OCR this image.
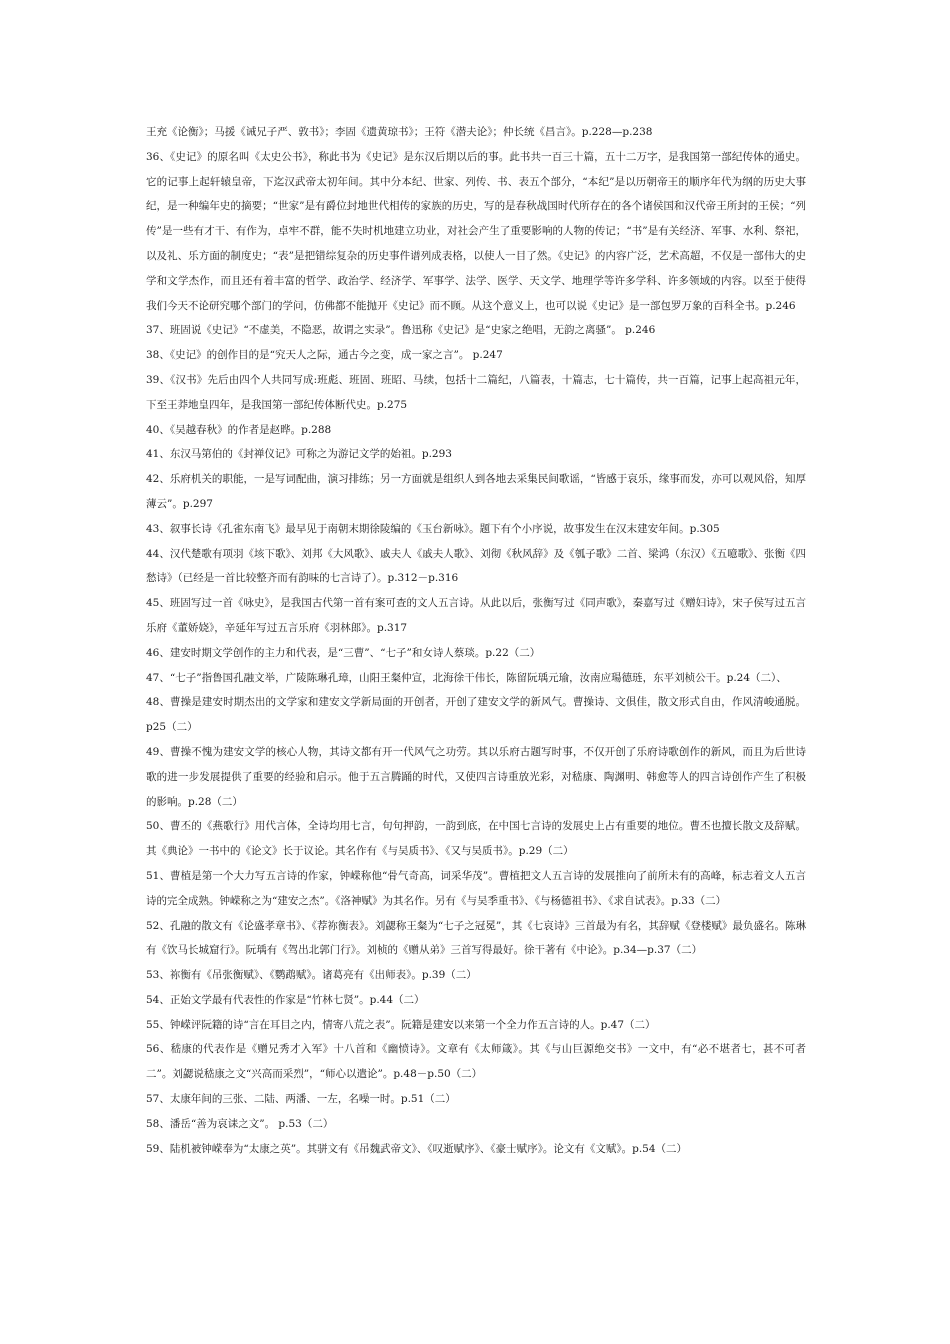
王充《论衡》；马援《诫兄子严、敦书》；李固《遗黄琼书》；王符《潜夫论》；仲长统《昌言》。p.228—p.238

36、《史记》的原名叫《太史公书》，称此书为《史记》是东汉后期以后的事。此书共一百三十篇，五十二万字，是我国第一部纪传体的通史。它的记事上起轩辕皇帝，下迄汉武帝太初年间。其中分本纪、世家、列传、书、表五个部分，“本纪”是以历朝帝王的顺序年代为纲的历史大事纪，是一种编年史的摘要；“世家”是有爵位封地世代相传的家族的历史，写的是春秋战国时代所存在的各个诸侯国和汉代帝王所封的王侯；“列传”是一些有才干、有作为，卓牢不群，能不失时机地建立功业，对社会产生了重要影响的人物的传记；“书”是有关经济、军事、水利、祭祀，以及礼、乐方面的制度史；“表”是把错综复杂的历史事件谱列成表格，以使人一目了然。《史记》的内容广泛，艺术高超，不仅是一部伟大的史学和文学杰作，而且还有着丰富的哲学、政治学、经济学、军事学、法学、医学、天文学、地理学等许多学科、许多领域的内容。以至于使得我们今天不论研究哪个部门的学问，仿佛都不能抛开《史记》而不顾。从这个意义上，也可以说《史记》是一部包罗万象的百科全书。p.246

37、班固说《史记》“不虚美，不隐恶，故谓之实录”。鲁迅称《史记》是“史家之绝唱，无韵之离骚”。 p.246

38、《史记》的创作目的是“究天人之际，通古今之变，成一家之言”。 p.247

39、《汉书》先后由四个人共同写成:班彪、班固、班昭、马续，包括十二篇纪，八篇表，十篇志，七十篇传，共一百篇，记事上起高祖元年，下至王莽地皇四年，是我国第一部纪传体断代史。p.275

40、《吴越春秋》的作者是赵晔。p.288

41、东汉马第伯的《封禅仪记》可称之为游记文学的始祖。p.293

42、乐府机关的职能，一是写词配曲，演习排练；另一方面就是组织人到各地去采集民间歌谣，“皆感于哀乐，缘事而发，亦可以观风俗，知厚薄云”。p.297

43、叙事长诗《孔雀东南飞》最早见于南朝末期徐陵编的《玉台新咏》。题下有个小序说，故事发生在汉末建安年间。p.305

44、汉代楚歌有项羽《垓下歌》、刘邦《大风歌》、戚夫人《戚夫人歌》、刘彻《秋风辞》及《瓠子歌》二首、梁鸿（东汉）《五噫歌》、张衡《四愁诗》（已经是一首比较整齐而有韵味的七言诗了）。p.312－p.316

45、班固写过一首《咏史》，是我国古代第一首有案可查的文人五言诗。从此以后，张衡写过《同声歌》，秦嘉写过《赠妇诗》，宋子侯写过五言乐府《董娇娆》，辛延年写过五言乐府《羽林郎》。p.317

46、建安时期文学创作的主力和代表，是“三曹”、“七子”和女诗人蔡琰。p.22（二）

47、“七子”指鲁国孔融文举，广陵陈琳孔璋，山阳王粲仲宣，北海徐干伟长，陈留阮瑀元瑜，汝南应瑒德琏，东平刘桢公干。p.24（二）、

48、曹操是建安时期杰出的文学家和建安文学新局面的开创者，开创了建安文学的新风气。曹操诗、文俱佳，散文形式自由，作风清峻通脱。p25（二）

49、曹操不愧为建安文学的核心人物，其诗文都有开一代风气之功劳。其以乐府古题写时事，不仅开创了乐府诗歌创作的新风，而且为后世诗歌的进一步发展提供了重要的经验和启示。他于五言腾踊的时代，又使四言诗重放光彩，对嵇康、陶渊明、韩愈等人的四言诗创作产生了积极的影响。p.28（二）

50、曹丕的《燕歌行》用代言体，全诗均用七言，句句押韵，一韵到底，在中国七言诗的发展史上占有重要的地位。曹丕也擅长散文及辞赋。其《典论》一书中的《论文》长于议论。其名作有《与吴质书》、《又与吴质书》。p.29（二）

51、曹植是第一个大力写五言诗的作家，钟嵘称他“骨气奇高，词采华茂”。曹植把文人五言诗的发展推向了前所未有的高峰，标志着文人五言诗的完全成熟。钟嵘称之为“建安之杰”。《洛神赋》为其名作。另有《与吴季重书》、《与杨德祖书》、《求自试表》。p.33（二）

52、孔融的散文有《论盛孝章书》、《荐祢衡表》。刘勰称王粲为“七子之冠冕”，其《七哀诗》三首最为有名，其辞赋《登楼赋》最负盛名。陈琳有《饮马长城窟行》。阮瑀有《驾出北郭门行》。刘桢的《赠从弟》三首写得最好。徐干著有《中论》。p.34—p.37（二）

53、祢衡有《吊张衡赋》、《鹦鹉赋》。诸葛亮有《出师表》。p.39（二）

54、正始文学最有代表性的作家是“竹林七贤”。p.44（二）

55、钟嵘评阮籍的诗“言在耳目之内，情寄八荒之表”。阮籍是建安以来第一个全力作五言诗的人。p.47（二）

56、嵇康的代表作是《赠兄秀才入军》十八首和《幽愤诗》。文章有《太师箴》。其《与山巨源绝交书》一文中，有“必不堪者七，甚不可者二”。刘勰说嵇康之文“兴高而采烈”，“师心以遣论”。p.48－p.50（二）

57、太康年间的三张、二陆、两潘、一左，名噪一时。p.51（二）

58、潘岳“善为哀诔之文”。 p.53（二）

59、陆机被钟嵘奉为“太康之英”。其骈文有《吊魏武帝文》、《叹逝赋序》、《豪士赋序》。论文有《文赋》。p.54（二）
